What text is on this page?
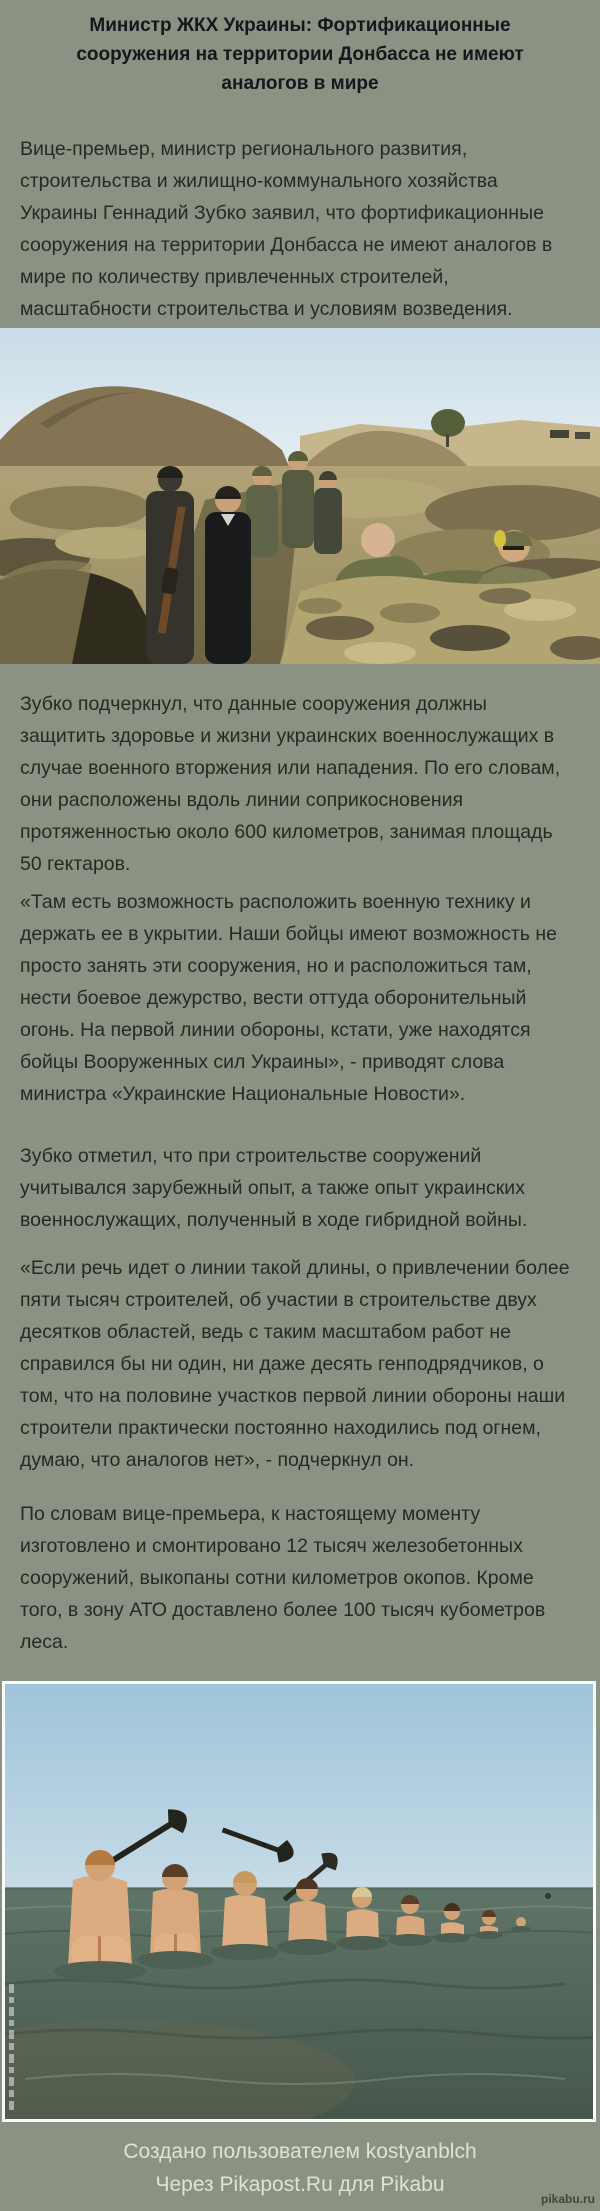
Министр ЖКХ Украины: Фортификационные сооружения на территории Донбасса не имеют аналогов в мире

Вице-премьер, министр регионального развития, строительства и жилищно-коммунального хозяйства Украины Геннадий Зубко заявил, что фортификационные сооружения на территории Донбасса не имеют аналогов в мире по количеству привлеченных строителей, масштабности строительства и условиям возведения.

Зубко подчеркнул, что данные сооружения должны защитить здоровье и жизни украинских военнослужащих в случае военного вторжения или нападения. По его словам, они расположены вдоль линии соприкосновения протяженностью около 600 километров, занимая площадь 50 гектаров.

«Там есть возможность расположить военную технику и держать ее в укрытии. Наши бойцы имеют возможность не просто занять эти сооружения, но и расположиться там, нести боевое дежурство, вести оттуда оборонительный огонь. На первой линии обороны, кстати, уже находятся бойцы Вооруженных сил Украины», - приводят слова министра «Украинские Национальные Новости».

Зубко отметил, что при строительстве сооружений учитывался зарубежный опыт, а также опыт украинских военнослужащих, полученный в ходе гибридной войны.

«Если речь идет о линии такой длины, о привлечении более пяти тысяч строителей, об участии в строительстве двух десятков областей, ведь с таким масштабом работ не справился бы ни один, ни даже десять генподрядчиков, о том, что на половине участков первой линии обороны наши строители практически постоянно находились под огнем, думаю, что аналогов нет», - подчеркнул он.

По словам вице-премьера, к настоящему моменту изготовлено и смонтировано 12 тысяч железобетонных сооружений, выкопаны сотни километров окопов. Кроме того, в зону АТО доставлено более 100 тысяч кубометров леса.

Создано пользователем kostyanblch
Через Pikapost.Ru для Pikabu
pikabu.ru
